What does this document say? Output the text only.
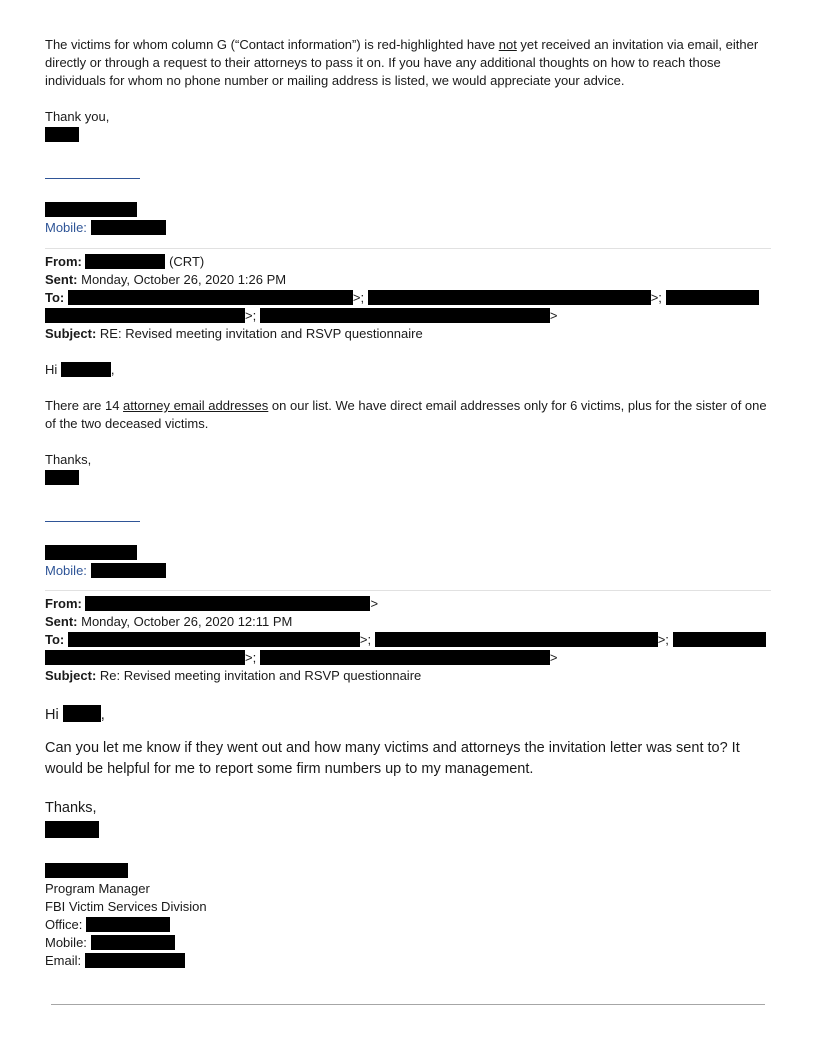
The victims for whom column G (“Contact information”) is red-highlighted have not yet received an invitation via email, either directly or through a request to their attorneys to pass it on. If you have any additional thoughts on how to reach those individuals for whom no phone number or mailing address is listed, we would appreciate your advice.

Thank you,

Mobile:

From:	(CRT)

Sent: Monday, October 26, 2020 1:26 PM

To:	>;	>;

>;	>

Subject: RE: Revised meeting invitation and RSVP questionnaire

Hi	,

There are 14 attorney email addresses on our list. We have direct email addresses only for 6 victims, plus for the sister of one of the two deceased victims.

Thanks,

Mobile:

From:	>

Sent: Monday, October 26, 2020 12:11 PM

To:	>;	>;

>;	>

Subject: Re: Revised meeting invitation and RSVP questionnaire

Hi	,

Can you let me know if they went out and how many victims and attorneys the invitation letter was sent to? It would be helpful for me to report some firm numbers up to my management.

Thanks,

Program Manager

FBI Victim Services Division

Office:

Mobile:

Email:
